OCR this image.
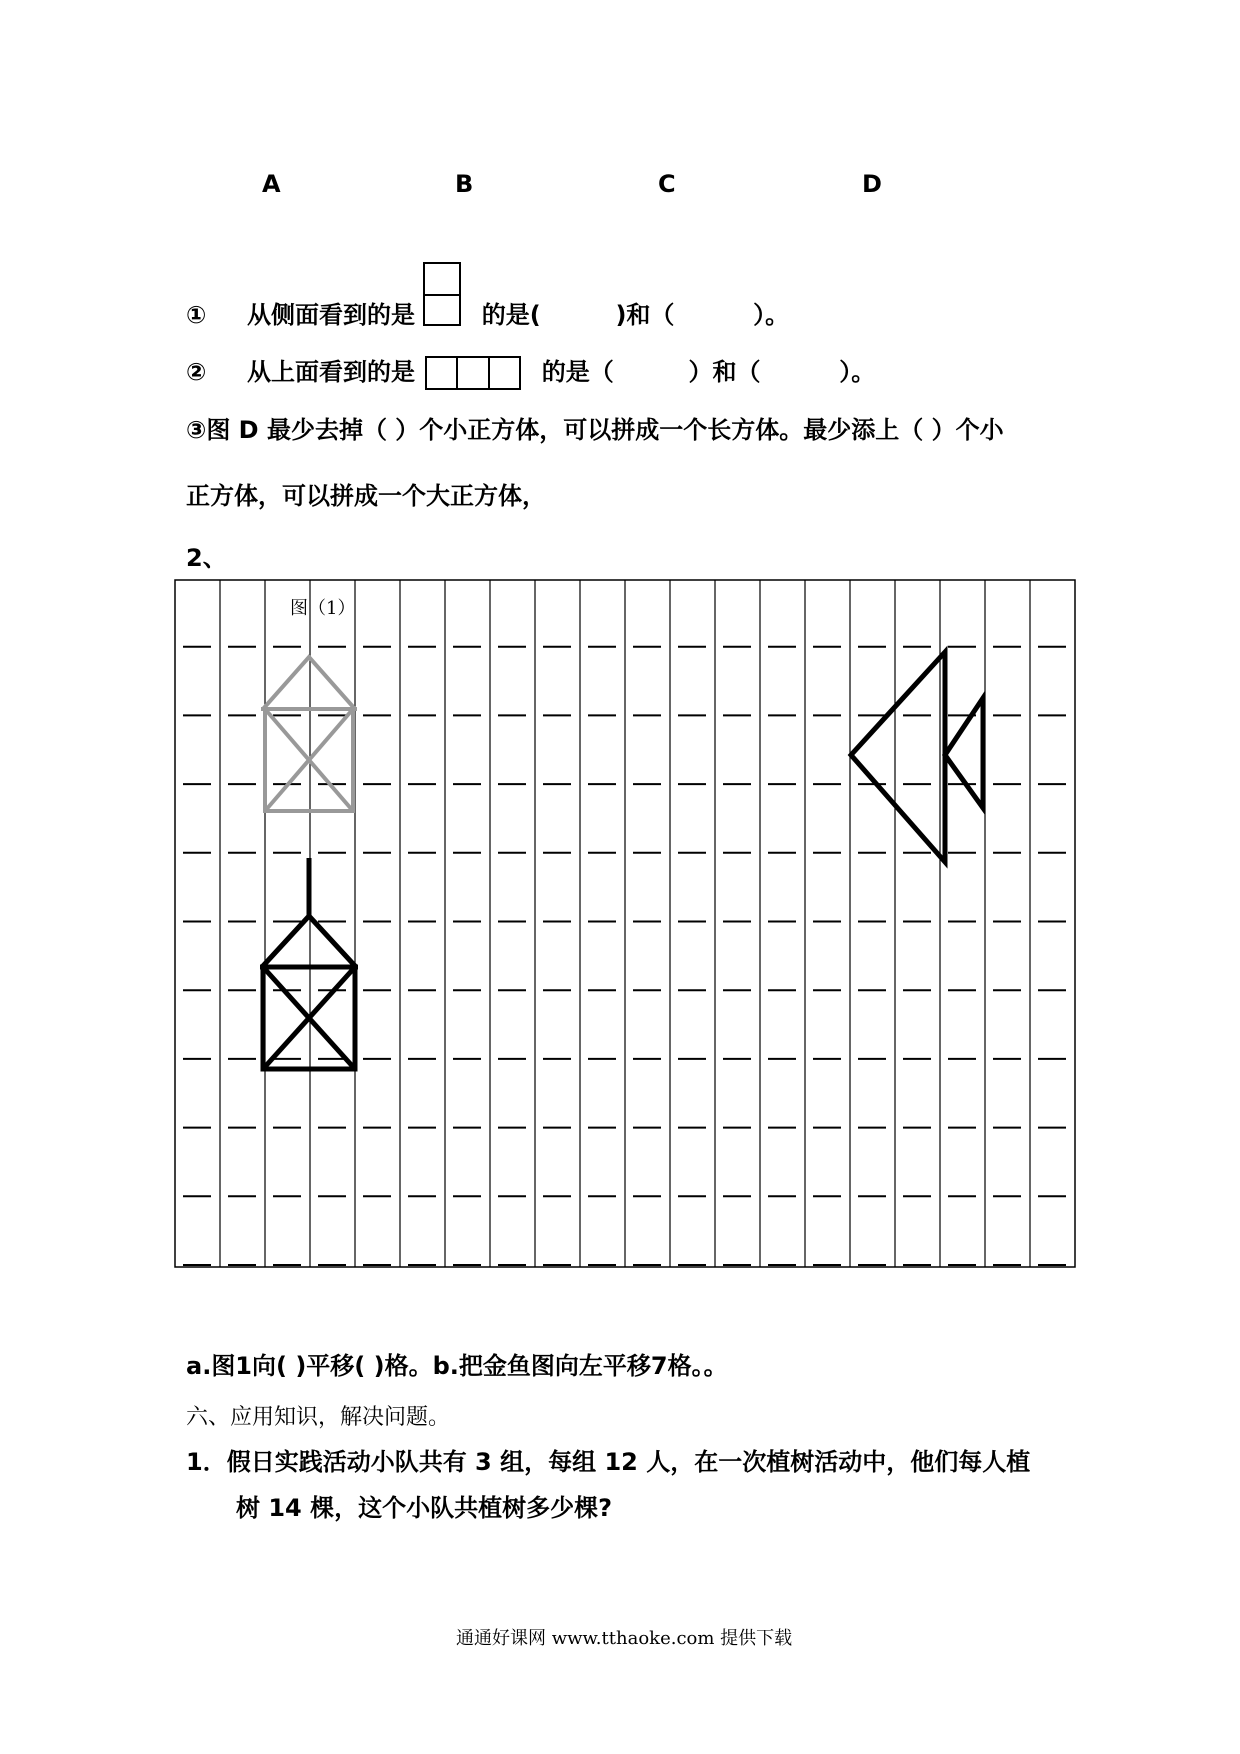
A	B	C	D
① 从侧面看到的是	的是(	)和（	）。
② 从上面看到的是	的是（	）和（	）。
③图 D 最少去掉（ ）个小正方体，可以拼成一个长方体。最少添上（ ）个小
正方体，可以拼成一个大正方体，
2、
图（1）
a.图1向( )平移( )格。b.把金鱼图向左平移7格。。
六、应用知识，解决问题。
1．假日实践活动小队共有 3 组，每组 12 人，在一次植树活动中，他们每人植
树 14 棵，这个小队共植树多少棵?
通通好课网 www.tthaoke.com 提供下载
